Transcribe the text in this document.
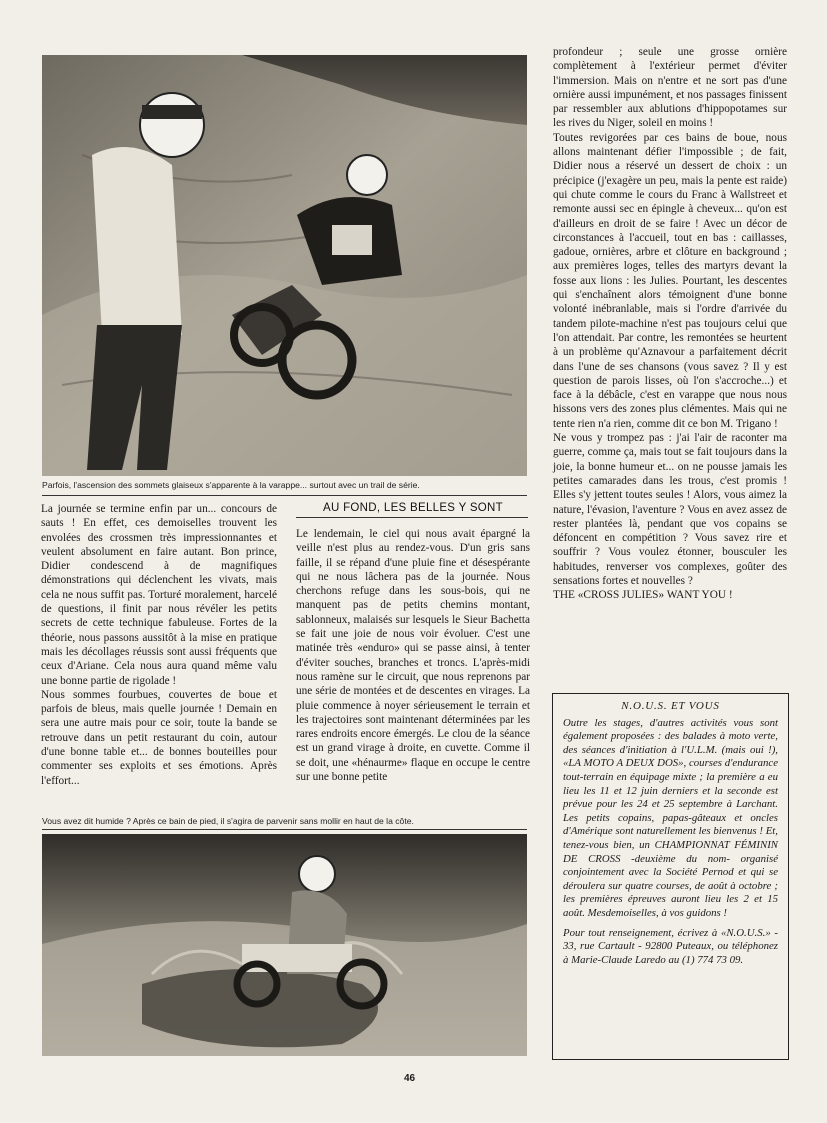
Parfois, l'ascension des sommets glaiseux s'apparente à la varappe... surtout avec un trail de série.

La journée se termine enfin par un... concours de sauts ! En effet, ces demoiselles trouvent les envolées des crossmen très impressionnantes et veulent absolument en faire autant. Bon prince, Didier condescend à de magnifiques démonstrations qui déclenchent les vivats, mais cela ne nous suffit pas. Torturé moralement, harcelé de questions, il finit par nous révéler les petits secrets de cette technique fabuleuse. Fortes de la théorie, nous passons aussitôt à la mise en pratique mais les décollages réussis sont aussi fréquents que ceux d'Ariane. Cela nous aura quand même valu une bonne partie de rigolade !

Nous sommes fourbues, couvertes de boue et parfois de bleus, mais quelle journée ! Demain en sera une autre mais pour ce soir, toute la bande se retrouve dans un petit restaurant du coin, autour d'une bonne table et... de bonnes bouteilles pour commenter ses exploits et ses émotions. Après l'effort...

AU FOND, LES BELLES Y SONT

Le lendemain, le ciel qui nous avait épargné la veille n'est plus au rendez-vous. D'un gris sans faille, il se répand d'une pluie fine et désespérante qui ne nous lâchera pas de la journée. Nous cherchons refuge dans les sous-bois, qui ne manquent pas de petits chemins montant, sablonneux, malaisés sur lesquels le Sieur Bachetta se fait une joie de nous voir évoluer. C'est une matinée très «enduro» qui se passe ainsi, à tenter d'éviter souches, branches et troncs. L'après-midi nous ramène sur le circuit, que nous reprenons par une série de montées et de descentes en virages. La pluie commence à noyer sérieusement le terrain et les trajectoires sont maintenant déterminées par les rares endroits encore émergés. Le clou de la séance est un grand virage à droite, en cuvette. Comme il se doit, une «hénaurme» flaque en occupe le centre sur une bonne petite

Vous avez dit humide ? Après ce bain de pied, il s'agira de parvenir sans mollir en haut de la côte.

profondeur ; seule une grosse ornière complètement à l'extérieur permet d'éviter l'immersion. Mais on n'entre et ne sort pas d'une ornière aussi impunément, et nos passages finissent par ressembler aux ablutions d'hippopotames sur les rives du Niger, soleil en moins !

Toutes revigorées par ces bains de boue, nous allons maintenant défier l'impossible ; de fait, Didier nous a réservé un dessert de choix : un précipice (j'exagère un peu, mais la pente est raide) qui chute comme le cours du Franc à Wallstreet et remonte aussi sec en épingle à cheveux... qu'on est d'ailleurs en droit de se faire ! Avec un décor de circonstances à l'accueil, tout en bas : caillasses, gadoue, ornières, arbre et clôture en background ; aux premières loges, telles des martyrs devant la fosse aux lions : les Julies. Pourtant, les descentes qui s'enchaînent alors témoignent d'une bonne volonté inébranlable, mais si l'ordre d'arrivée du tandem pilote-machine n'est pas toujours celui que l'on attendait. Par contre, les remontées se heurtent à un problème qu'Aznavour a parfaitement décrit dans l'une de ses chansons (vous savez ? Il y est question de parois lisses, où l'on s'accroche...) et face à la débâcle, c'est en varappe que nous nous hissons vers des zones plus clémentes. Mais qui ne tente rien n'a rien, comme dit ce bon M. Trigano !

Ne vous y trompez pas : j'ai l'air de raconter ma guerre, comme ça, mais tout se fait toujours dans la joie, la bonne humeur et... on ne pousse jamais les petites camarades dans les trous, c'est promis ! Elles s'y jettent toutes seules ! Alors, vous aimez la nature, l'évasion, l'aventure ? Vous en avez assez de rester plantées là, pendant que vos copains se défoncent en compétition ? Vous savez rire et souffrir ? Vous voulez étonner, bousculer les habitudes, renverser vos complexes, goûter des sensations fortes et nouvelles ?

THE «CROSS JULIES» WANT YOU !

N.O.U.S. ET VOUS

Outre les stages, d'autres activités vous sont également proposées : des balades à moto verte, des séances d'initiation à l'U.L.M. (mais oui !), «LA MOTO A DEUX DOS», courses d'endurance tout-terrain en équipage mixte ; la première a eu lieu les 11 et 12 juin derniers et la seconde est prévue pour les 24 et 25 septembre à Larchant. Les petits copains, papas-gâteaux et oncles d'Amérique sont naturellement les bienvenus ! Et, tenez-vous bien, un CHAMPIONNAT FÉMININ DE CROSS -deuxième du nom- organisé conjointement avec la Société Pernod et qui se déroulera sur quatre courses, de août à octobre ; les premières épreuves auront lieu les 2 et 15 août. Mesdemoiselles, à vos guidons !

Pour tout renseignement, écrivez à «N.O.U.S.» - 33, rue Cartault - 92800 Puteaux, ou téléphonez à Marie-Claude Laredo au (1) 774 73 09.

46
